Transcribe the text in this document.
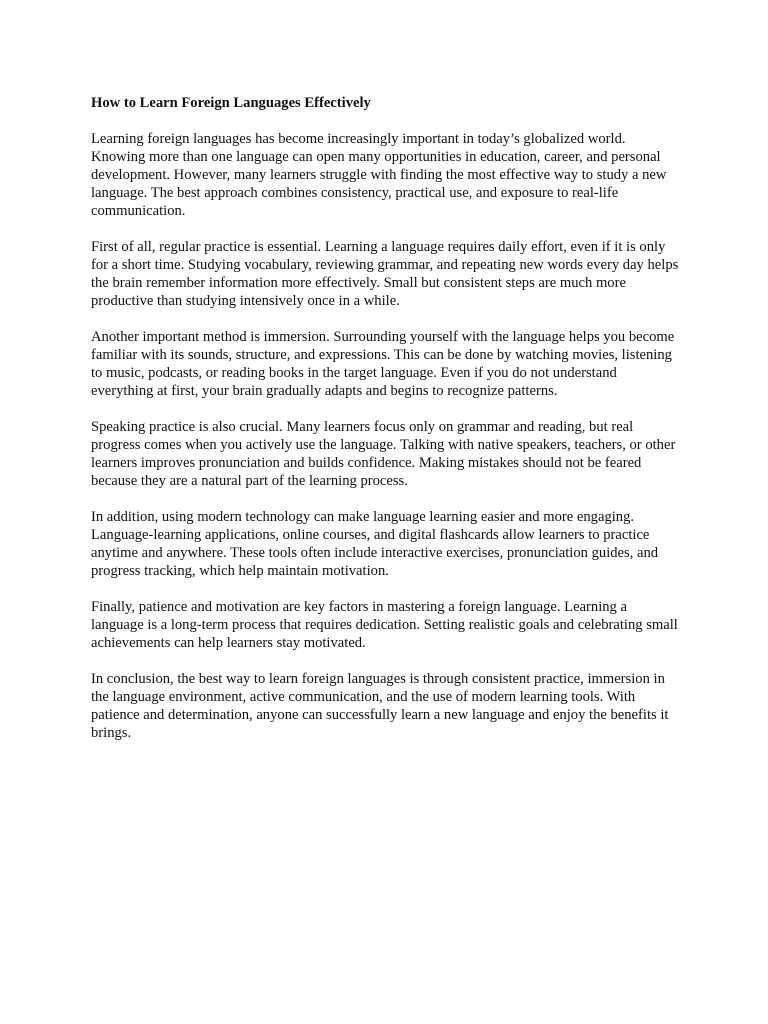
How to Learn Foreign Languages Effectively

Learning foreign languages has become increasingly important in today’s globalized world. Knowing more than one language can open many opportunities in education, career, and personal development. However, many learners struggle with finding the most effective way to study a new language. The best approach combines consistency, practical use, and exposure to real-life communication.

First of all, regular practice is essential. Learning a language requires daily effort, even if it is only for a short time. Studying vocabulary, reviewing grammar, and repeating new words every day helps the brain remember information more effectively. Small but consistent steps are much more productive than studying intensively once in a while.

Another important method is immersion. Surrounding yourself with the language helps you become familiar with its sounds, structure, and expressions. This can be done by watching movies, listening to music, podcasts, or reading books in the target language. Even if you do not understand everything at first, your brain gradually adapts and begins to recognize patterns.

Speaking practice is also crucial. Many learners focus only on grammar and reading, but real progress comes when you actively use the language. Talking with native speakers, teachers, or other learners improves pronunciation and builds confidence. Making mistakes should not be feared because they are a natural part of the learning process.

In addition, using modern technology can make language learning easier and more engaging. Language-learning applications, online courses, and digital flashcards allow learners to practice anytime and anywhere. These tools often include interactive exercises, pronunciation guides, and progress tracking, which help maintain motivation.

Finally, patience and motivation are key factors in mastering a foreign language. Learning a language is a long-term process that requires dedication. Setting realistic goals and celebrating small achievements can help learners stay motivated.

In conclusion, the best way to learn foreign languages is through consistent practice, immersion in the language environment, active communication, and the use of modern learning tools. With patience and determination, anyone can successfully learn a new language and enjoy the benefits it brings.
